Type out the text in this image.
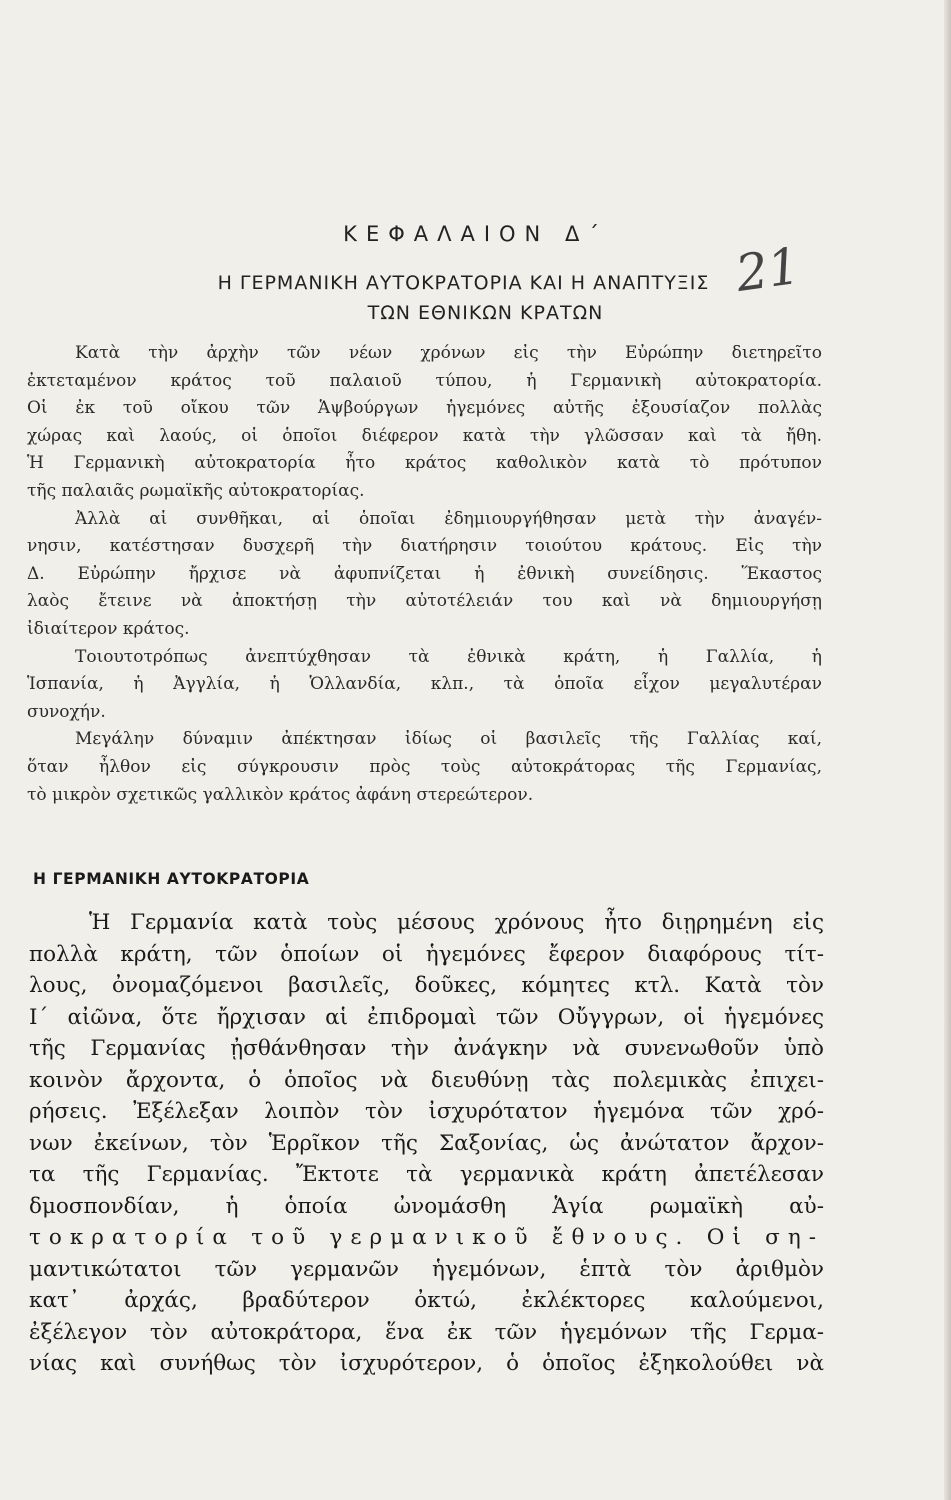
ΚΕΦΑΛΑΙΟΝ Δ΄
Η ΓΕΡΜΑΝΙΚΗ ΑΥΤΟΚΡΑΤΟΡΙΑ ΚΑΙ Η ΑΝΑΠΤΥΞΙΣ
ΤΩΝ ΕΘΝΙΚΩΝ ΚΡΑΤΩΝ
21
Κατὰ τὴν ἀρχὴν τῶν νέων χρόνων εἰς τὴν Εὐρώπην διετηρεῖτο
ἐκτεταμένον κράτος τοῦ παλαιοῦ τύπου, ἡ Γερμανικὴ αὐτοκρατορία.
Οἱ ἐκ τοῦ οἴκου τῶν Ἁψβούργων ἡγεμόνες αὐτῆς ἐξουσίαζον πολλὰς
χώρας καὶ λαούς, οἱ ὁποῖοι διέφερον κατὰ τὴν γλῶσσαν καὶ τὰ ἤθη.
Ἡ Γερμανικὴ αὐτοκρατορία ἦτο κράτος καθολικὸν κατὰ τὸ πρότυπον
τῆς παλαιᾶς ρωμαϊκῆς αὐτοκρατορίας.
Ἀλλὰ αἱ συνθῆκαι, αἱ ὁποῖαι ἐδημιουργήθησαν μετὰ τὴν ἀναγέν-
νησιν, κατέστησαν δυσχερῆ τὴν διατήρησιν τοιούτου κράτους. Εἰς τὴν
Δ. Εὐρώπην ἤρχισε νὰ ἀφυπνίζεται ἡ ἐθνικὴ συνείδησις. Ἕκαστος
λαὸς ἔτεινε νὰ ἀποκτήσῃ τὴν αὐτοτέλειάν του καὶ νὰ δημιουργήσῃ
ἰδιαίτερον κράτος.
Τοιουτοτρόπως ἀνεπτύχθησαν τὰ ἐθνικὰ κράτη, ἡ Γαλλία, ἡ
Ἱσπανία, ἡ Ἀγγλία, ἡ Ὁλλανδία, κλπ., τὰ ὁποῖα εἶχον μεγαλυτέραν
συνοχήν.
Μεγάλην δύναμιν ἀπέκτησαν ἰδίως οἱ βασιλεῖς τῆς Γαλλίας καί,
ὅταν ἦλθον εἰς σύγκρουσιν πρὸς τοὺς αὐτοκράτορας τῆς Γερμανίας,
τὸ μικρὸν σχετικῶς γαλλικὸν κράτος ἀφάνη στερεώτερον.
Η ΓΕΡΜΑΝΙΚΗ ΑΥΤΟΚΡΑΤΟΡΙΑ
Ἡ Γερμανία κατὰ τοὺς μέσους χρόνους ἦτο διῃρημένη εἰς
πολλὰ κράτη, τῶν ὁποίων οἱ ἡγεμόνες ἔφερον διαφόρους τίτ-
λους, ὀνομαζόμενοι βασιλεῖς, δοῦκες, κόμητες κτλ. Κατὰ τὸν
Ι΄ αἰῶνα, ὅτε ἤρχισαν αἱ ἐπιδρομαὶ τῶν Οὔγγρων, οἱ ἡγεμόνες
τῆς Γερμανίας ᾐσθάνθησαν τὴν ἀνάγκην νὰ συνενωθοῦν ὑπὸ
κοινὸν ἄρχοντα, ὁ ὁποῖος νὰ διευθύνῃ τὰς πολεμικὰς ἐπιχει-
ρήσεις. Ἐξέλεξαν λοιπὸν τὸν ἰσχυρότατον ἡγεμόνα τῶν χρό-
νων ἐκείνων, τὸν Ἑρρῖκον τῆς Σαξονίας, ὡς ἀνώτατον ἄρχον-
τα τῆς Γερμανίας. Ἔκτοτε τὰ γερμανικὰ κράτη ἀπετέλεσαν
δμοσπονδίαν, ἡ ὁποία ὠνομάσθη Ἁγία ρωμαϊκὴ αὐ-
τοκρατορία τοῦ γερμανικοῦ ἔθνους. Οἱ ση-
μαντικώτατοι τῶν γερμανῶν ἡγεμόνων, ἑπτὰ τὸν ἀριθμὸν
κατ᾽ ἀρχάς, βραδύτερον ὀκτώ, ἐκλέκτορες καλούμενοι,
ἐξέλεγον τὸν αὐτοκράτορα, ἕνα ἐκ τῶν ἡγεμόνων τῆς Γερμα-
νίας καὶ συνήθως τὸν ἰσχυρότερον, ὁ ὁποῖος ἐξηκολούθει νὰ
